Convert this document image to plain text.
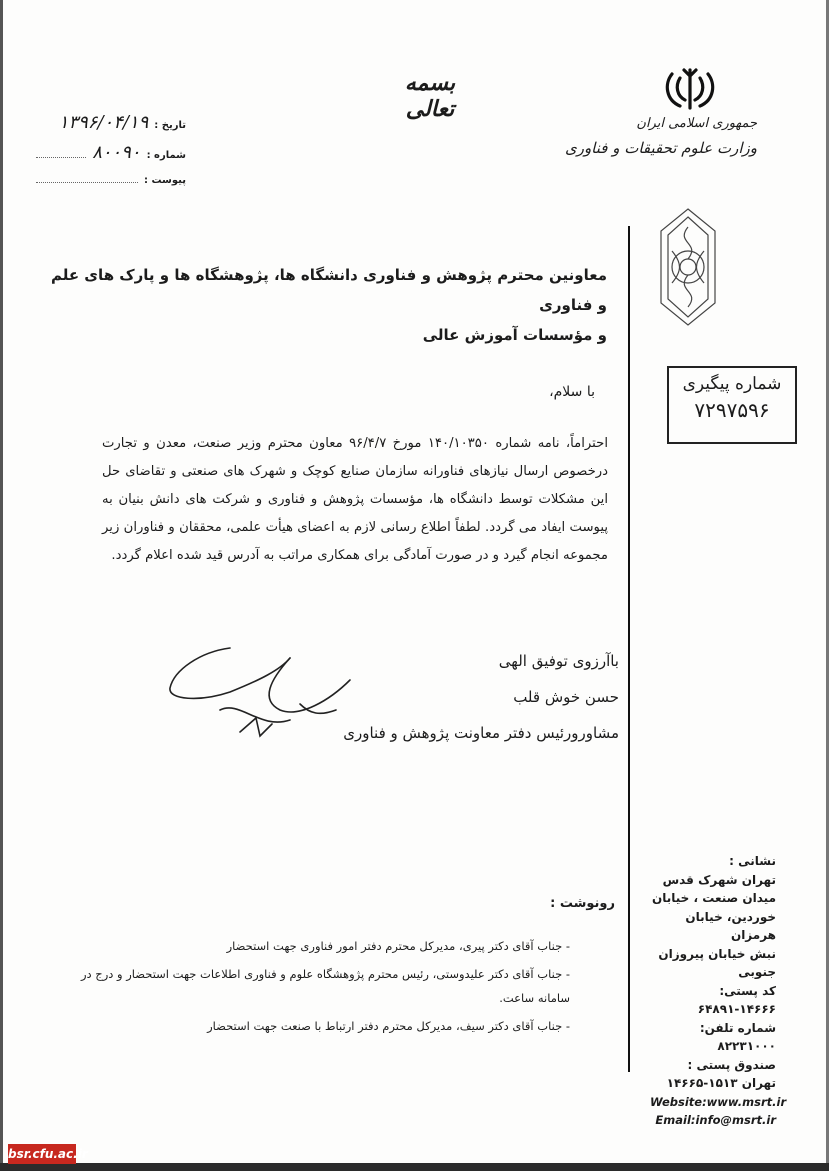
بسمه تعالی
جمهوری اسلامی ایران
وزارت علوم تحقیقات و فناوری
تاریخ :
۱۳۹۶/۰۴/۱۹
شماره :
۸۰۰۹۰
پیوست :
معاونین محترم پژوهش و فناوری دانشگاه ها، پژوهشگاه ها و پارک های علم و فناوری
و مؤسسات آموزش عالی
شماره پیگیری
۷۲۹۷۵۹۶
با سلام،
احتراماً، نامه شماره ۱۴۰/۱۰۳۵۰ مورخ ۹۶/۴/۷ معاون محترم وزیر صنعت، معدن و تجارت درخصوص ارسال نیازهای فناورانه سازمان صنایع کوچک و شهرک های صنعتی و تقاضای حل این مشکلات توسط دانشگاه ها، مؤسسات پژوهش و فناوری و شرکت های دانش بنیان به پیوست ایفاد می گردد. لطفاً اطلاع رسانی لازم به اعضای هیأت علمی، محققان و فناوران زیر مجموعه انجام گیرد و در صورت آمادگی برای همکاری مراتب به آدرس قید شده اعلام گردد.
باآرزوی توفیق الهی
حسن خوش قلب
مشاورورئیس دفتر معاونت پژوهش و فناوری
رونوشت :
- جناب آقای دکتر پیری، مدیرکل محترم دفتر امور فناوری جهت استحضار
- جناب آقای دکتر علیدوستی، رئیس محترم پژوهشگاه علوم و فناوری اطلاعات جهت استحضار و درج در سامانه ساعت.
- جناب آقای دکتر سیف، مدیرکل محترم دفتر ارتباط با صنعت جهت استحضار
نشانی :
تهران شهرک قدس
میدان صنعت ، خیابان
خوردین، خیابان هرمزان
نبش خیابان پیروزان جنوبی
کد پستی: ۱۴۶۶۶-۶۴۸۹۱
شماره تلفن: ۸۲۲۳۱۰۰۰
صندوق پستی :
تهران ۱۵۱۳-۱۴۶۶۵
Website:www.msrt.ir
Email:info@msrt.ir
bsr.cfu.ac.ir
